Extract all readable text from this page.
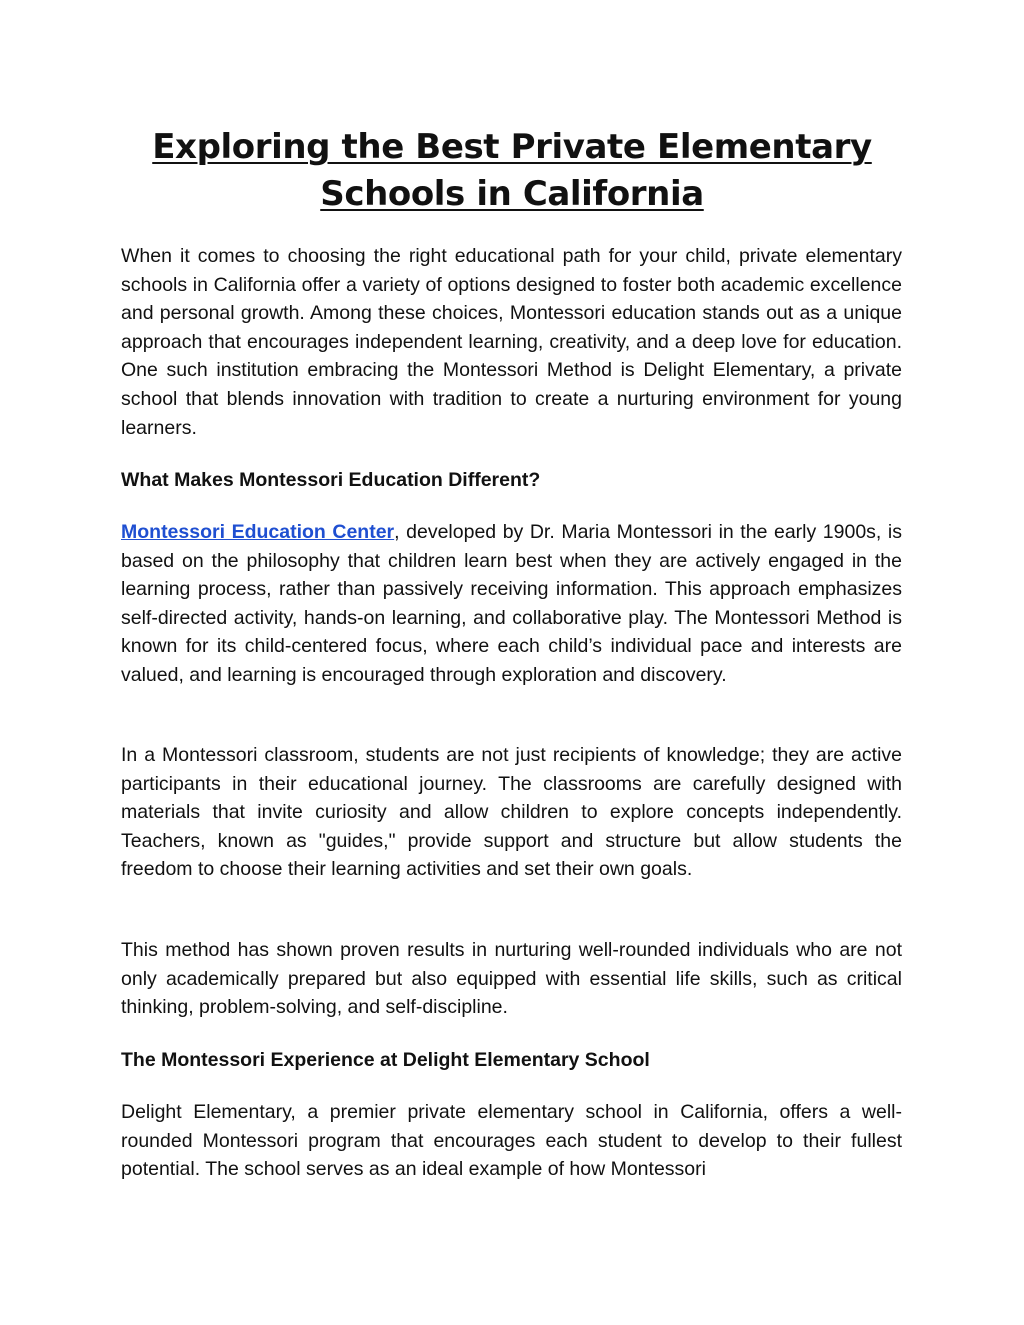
Exploring the Best Private Elementary Schools in California

When it comes to choosing the right educational path for your child, private elementary schools in California offer a variety of options designed to foster both academic excellence and personal growth. Among these choices, Montessori education stands out as a unique approach that encourages independent learning, creativity, and a deep love for education. One such institution embracing the Montessori Method is Delight Elementary, a private school that blends innovation with tradition to create a nurturing environment for young learners.

What Makes Montessori Education Different?

Montessori Education Center, developed by Dr. Maria Montessori in the early 1900s, is based on the philosophy that children learn best when they are actively engaged in the learning process, rather than passively receiving information. This approach emphasizes self-directed activity, hands-on learning, and collaborative play. The Montessori Method is known for its child-centered focus, where each child’s individual pace and interests are valued, and learning is encouraged through exploration and discovery.

In a Montessori classroom, students are not just recipients of knowledge; they are active participants in their educational journey. The classrooms are carefully designed with materials that invite curiosity and allow children to explore concepts independently. Teachers, known as "guides," provide support and structure but allow students the freedom to choose their learning activities and set their own goals.

This method has shown proven results in nurturing well-rounded individuals who are not only academically prepared but also equipped with essential life skills, such as critical thinking, problem-solving, and self-discipline.

The Montessori Experience at Delight Elementary School

Delight Elementary, a premier private elementary school in California, offers a well-rounded Montessori program that encourages each student to develop to their fullest potential. The school serves as an ideal example of how Montessori
